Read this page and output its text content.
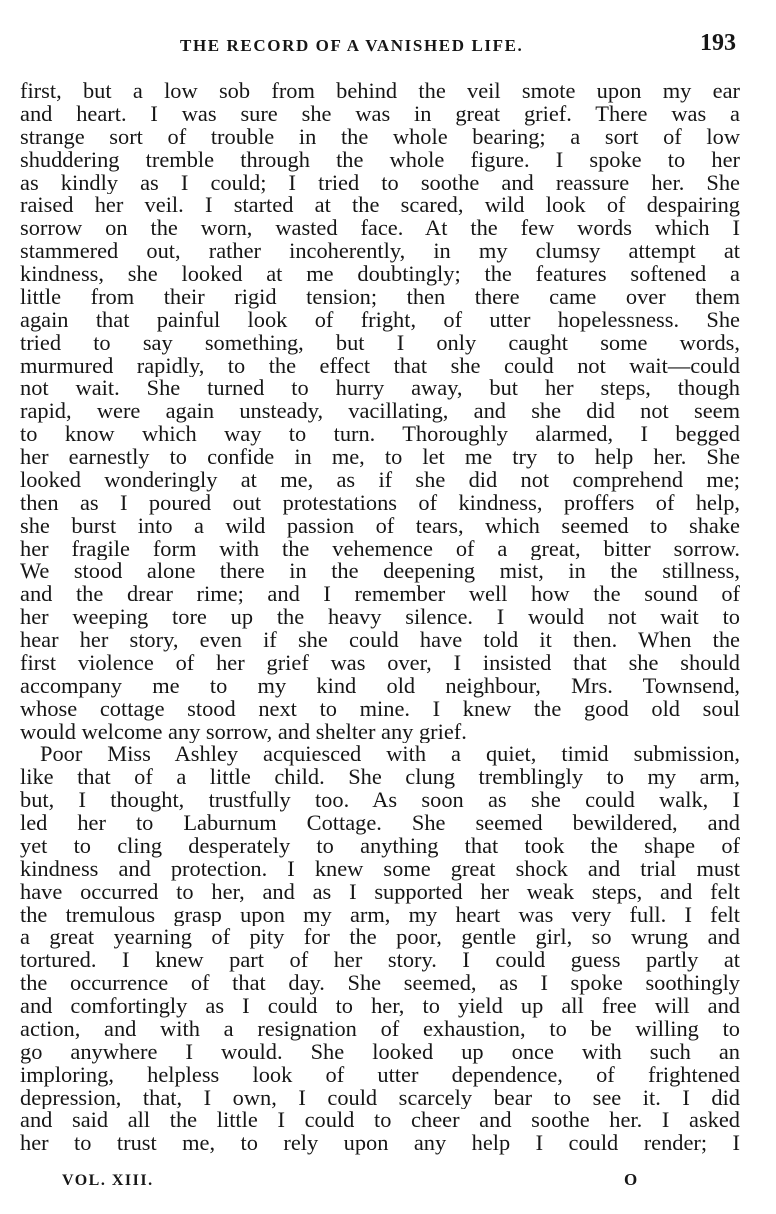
THE RECORD OF A VANISHED LIFE.	193

first, but a low sob from behind the veil smote upon my ear
and heart. I was sure she was in great grief. There was a
strange sort of trouble in the whole bearing; a sort of low
shuddering tremble through the whole figure. I spoke to her
as kindly as I could; I tried to soothe and reassure her. She
raised her veil. I started at the scared, wild look of despairing
sorrow on the worn, wasted face. At the few words which I
stammered out, rather incoherently, in my clumsy attempt at
kindness, she looked at me doubtingly; the features softened a
little from their rigid tension; then there came over them
again that painful look of fright, of utter hopelessness. She
tried to say something, but I only caught some words,
murmured rapidly, to the effect that she could not wait—could
not wait. She turned to hurry away, but her steps, though
rapid, were again unsteady, vacillating, and she did not seem
to know which way to turn. Thoroughly alarmed, I begged
her earnestly to confide in me, to let me try to help her. She
looked wonderingly at me, as if she did not comprehend me;
then as I poured out protestations of kindness, proffers of help,
she burst into a wild passion of tears, which seemed to shake
her fragile form with the vehemence of a great, bitter sorrow.
We stood alone there in the deepening mist, in the stillness,
and the drear rime; and I remember well how the sound of
her weeping tore up the heavy silence. I would not wait to
hear her story, even if she could have told it then. When the
first violence of her grief was over, I insisted that she should
accompany me to my kind old neighbour, Mrs. Townsend,
whose cottage stood next to mine. I knew the good old soul
would welcome any sorrow, and shelter any grief.

Poor Miss Ashley acquiesced with a quiet, timid submission,
like that of a little child. She clung tremblingly to my arm,
but, I thought, trustfully too. As soon as she could walk, I
led her to Laburnum Cottage. She seemed bewildered, and
yet to cling desperately to anything that took the shape of
kindness and protection. I knew some great shock and trial must
have occurred to her, and as I supported her weak steps, and felt
the tremulous grasp upon my arm, my heart was very full. I felt
a great yearning of pity for the poor, gentle girl, so wrung and
tortured. I knew part of her story. I could guess partly at
the occurrence of that day. She seemed, as I spoke soothingly
and comfortingly as I could to her, to yield up all free will and
action, and with a resignation of exhaustion, to be willing to
go anywhere I would. She looked up once with such an
imploring, helpless look of utter dependence, of frightened
depression, that, I own, I could scarcely bear to see it. I did
and said all the little I could to cheer and soothe her. I asked
her to trust me, to rely upon any help I could render; I

VOL. XIII.	O
